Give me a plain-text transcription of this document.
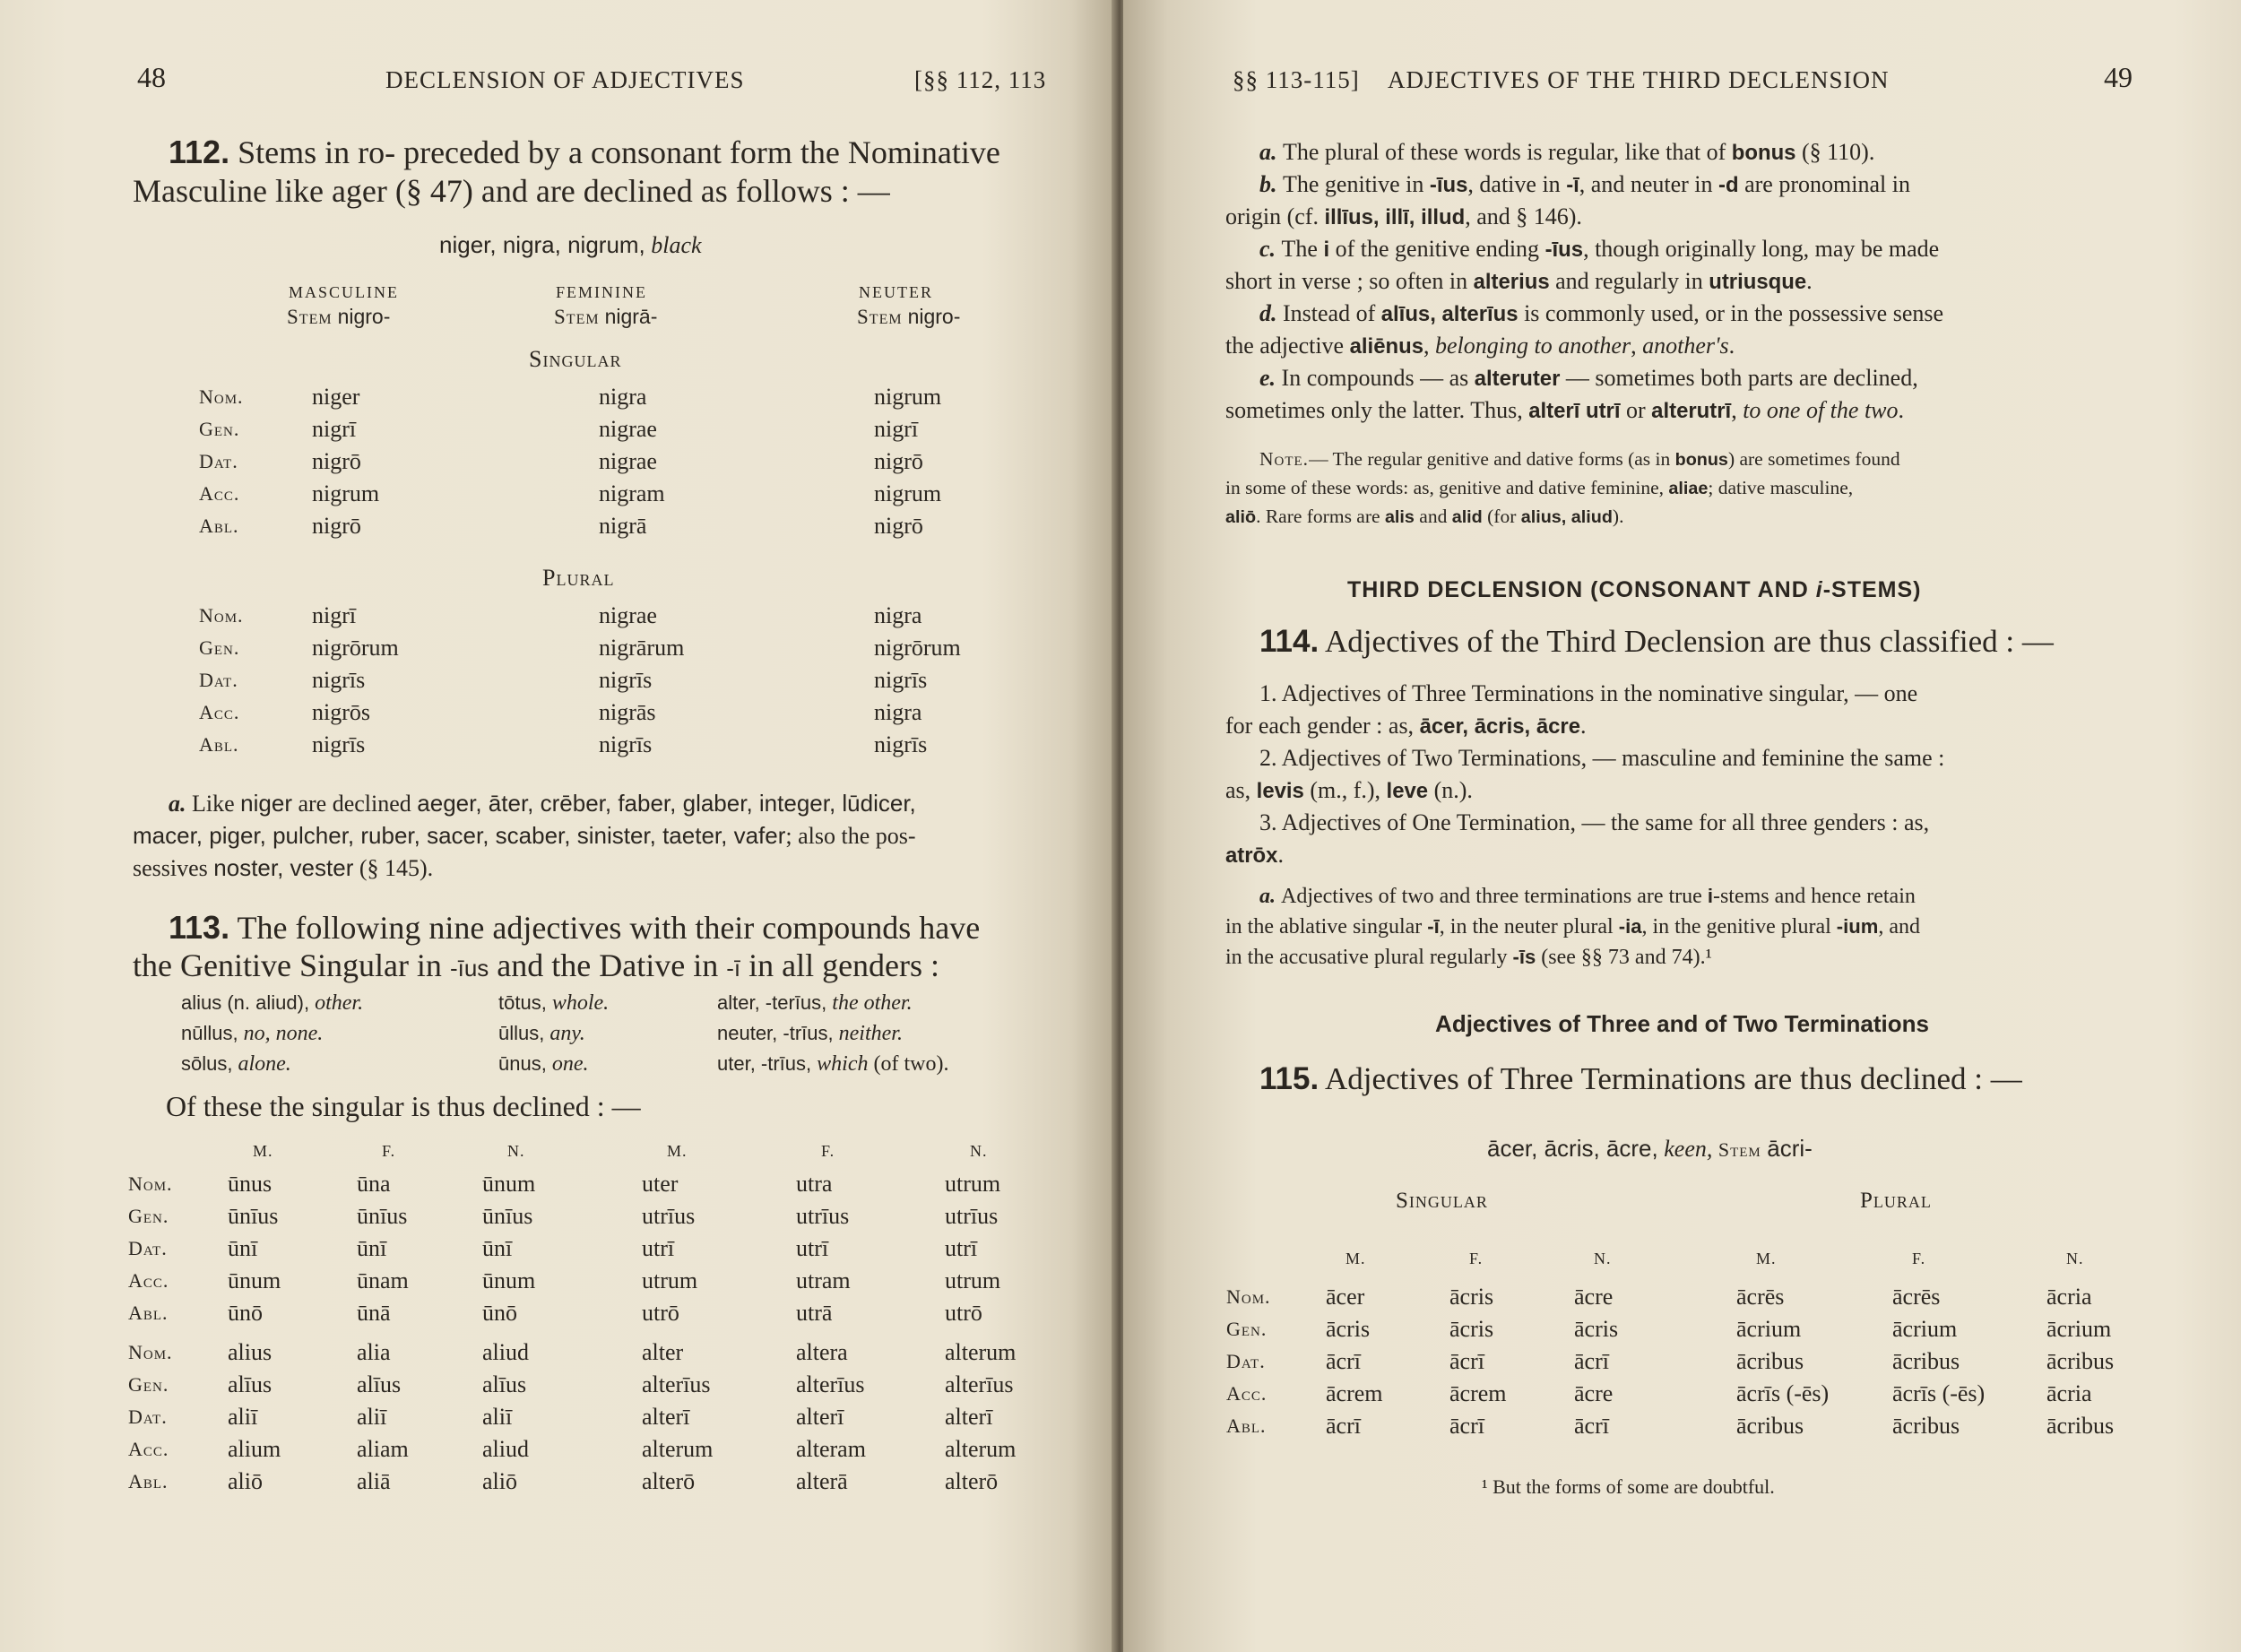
48	DECLENSION OF ADJECTIVES	[§§ 112, 113
112. Stems in ro- preceded by a consonant form the Nominative
Masculine like ager (§ 47) and are declined as follows : —
niger, nigra, nigrum, black
MASCULINE
Stem nigro-
FEMININE
Stem nigrā-
NEUTER
Stem nigro-
Singular
Nom.	niger	nigra	nigrum
Gen.	nigrī	nigrae	nigrī
Dat.	nigrō	nigrae	nigrō
Acc.	nigrum	nigram	nigrum
Abl.	nigrō	nigrā	nigrō
Plural
Nom.	nigrī	nigrae	nigra
Gen.	nigrōrum	nigrārum	nigrōrum
Dat.	nigrīs	nigrīs	nigrīs
Acc.	nigrōs	nigrās	nigra
Abl.	nigrīs	nigrīs	nigrīs
a. Like niger are declined aeger, āter, crēber, faber, glaber, integer, lūdicer,
macer, piger, pulcher, ruber, sacer, scaber, sinister, taeter, vafer; also the pos-
sessives noster, vester (§ 145).
113. The following nine adjectives with their compounds have
the Genitive Singular in -īus and the Dative in -ī in all genders :
alius (n. aliud), other.	tōtus, whole.	alter, -terīus, the other.
nūllus, no, none.	ūllus, any.	neuter, -trīus, neither.
sōlus, alone.	ūnus, one.	uter, -trīus, which (of two).
Of these the singular is thus declined : —
M.	F.	N.	M.	F.	N.
Nom. ūnus	ūna	ūnum	uter	utra	utrum
Gen.	ūnīus	ūnīus	ūnīus	utrīus	utrīus	utrīus
Dat.	ūnī	ūnī	ūnī	utrī	utrī	utrī
Acc.	ūnum	ūnam	ūnum	utrum	utram	utrum
Abl.	ūnō	ūnā	ūnō	utrō	utrā	utrō
Nom. alius	alia	aliud	alter	altera	alterum
Gen.	alīus	alīus	alīus	alterīus	alterīus	alterīus
Dat.	aliī	aliī	aliī	alterī	alterī	alterī
Acc.	alium	aliam	aliud	alterum	alteram	alterum
Abl.	aliō	aliā	aliō	alterō	alterā	alterō
§§ 113-115] ADJECTIVES OF THE THIRD DECLENSION	49
a. The plural of these words is regular, like that of bonus (§ 110).
b. The genitive in -īus, dative in -ī, and neuter in -d are pronominal in
origin (cf. illīus, illī, illud, and § 146).
c. The i of the genitive ending -īus, though originally long, may be made
short in verse ; so often in alterius and regularly in utriusque.
d. Instead of alīus, alterīus is commonly used, or in the possessive sense
the adjective aliēnus, belonging to another, another's.
e. In compounds — as alteruter — sometimes both parts are declined,
sometimes only the latter. Thus, alterī utrī or alterutrī, to one of the two.
Note.— The regular genitive and dative forms (as in bonus) are sometimes found
in some of these words: as, genitive and dative feminine, aliae; dative masculine,
aliō. Rare forms are alis and alid (for alius, aliud).
THIRD DECLENSION (CONSONANT AND i-STEMS)
114. Adjectives of the Third Declension are thus classified : —
1. Adjectives of Three Terminations in the nominative singular, — one
for each gender : as, ācer, ācris, ācre.
2. Adjectives of Two Terminations, — masculine and feminine the same :
as, levis (m., f.), leve (n.).
3. Adjectives of One Termination, — the same for all three genders : as,
atrōx.
a. Adjectives of two and three terminations are true i-stems and hence retain
in the ablative singular -ī, in the neuter plural -ia, in the genitive plural -ium, and
in the accusative plural regularly -īs (see §§ 73 and 74).¹
Adjectives of Three and of Two Terminations
115. Adjectives of Three Terminations are thus declined : —
ācer, ācris, ācre, keen, Stem ācri-
Singular	Plural
M.	F.	N.	M.	F.	N.
Nom. ācer	ācris	ācre	ācrēs	ācrēs	ācria
Gen.	ācris	ācris	ācris	ācrium	ācrium	ācrium
Dat.	ācrī	ācrī	ācrī	ācribus	ācribus	ācribus
Acc.	ācrem	ācrem	ācre	ācrīs (-ēs)	ācrīs (-ēs)	ācria
Abl.	ācrī	ācrī	ācrī	ācribus	ācribus	ācribus
¹ But the forms of some are doubtful.
